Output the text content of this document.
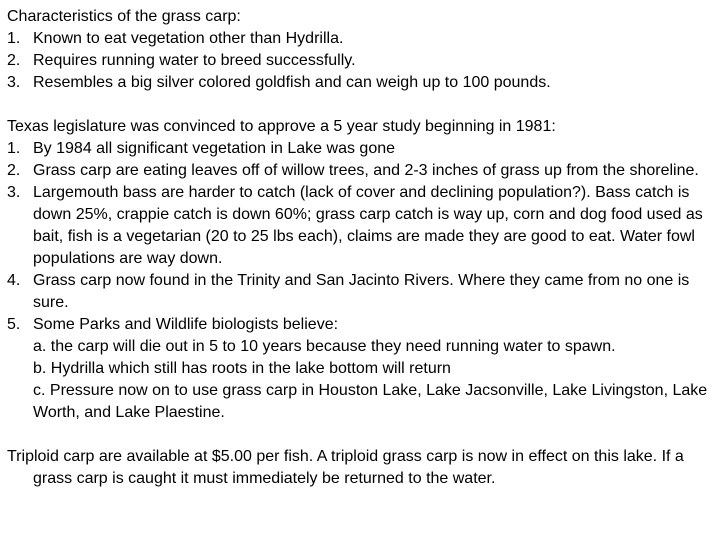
Characteristics of the grass carp:
1. Known to eat vegetation other than Hydrilla.
2. Requires running water to breed successfully.
3. Resembles a big silver colored goldfish and can weigh up to 100 pounds.
Texas legislature was convinced to approve a 5 year study beginning in 1981:
1. By 1984 all significant vegetation in Lake was gone
2. Grass carp are eating leaves off of willow trees, and 2-3 inches of grass up from the shoreline.
3. Largemouth bass are harder to catch (lack of cover and declining population?). Bass catch is down 25%, crappie catch is down 60%; grass carp catch is way up, corn and dog food used as bait, fish is a vegetarian (20 to 25 lbs each), claims are made they are good to eat. Water fowl populations are way down.
4. Grass carp now found in the Trinity and San Jacinto Rivers. Where they came from no one is sure.
5. Some Parks and Wildlife biologists believe:
a. the carp will die out in 5 to 10 years because they need running water to spawn.
b. Hydrilla which still has roots in the lake bottom will return
c. Pressure now on to use grass carp in Houston Lake, Lake Jacsonville, Lake Livingston, Lake Worth, and Lake Plaestine.
Triploid carp are available at $5.00 per fish. A triploid grass carp is now in effect on this lake. If a grass carp is caught it must immediately be returned to the water.
